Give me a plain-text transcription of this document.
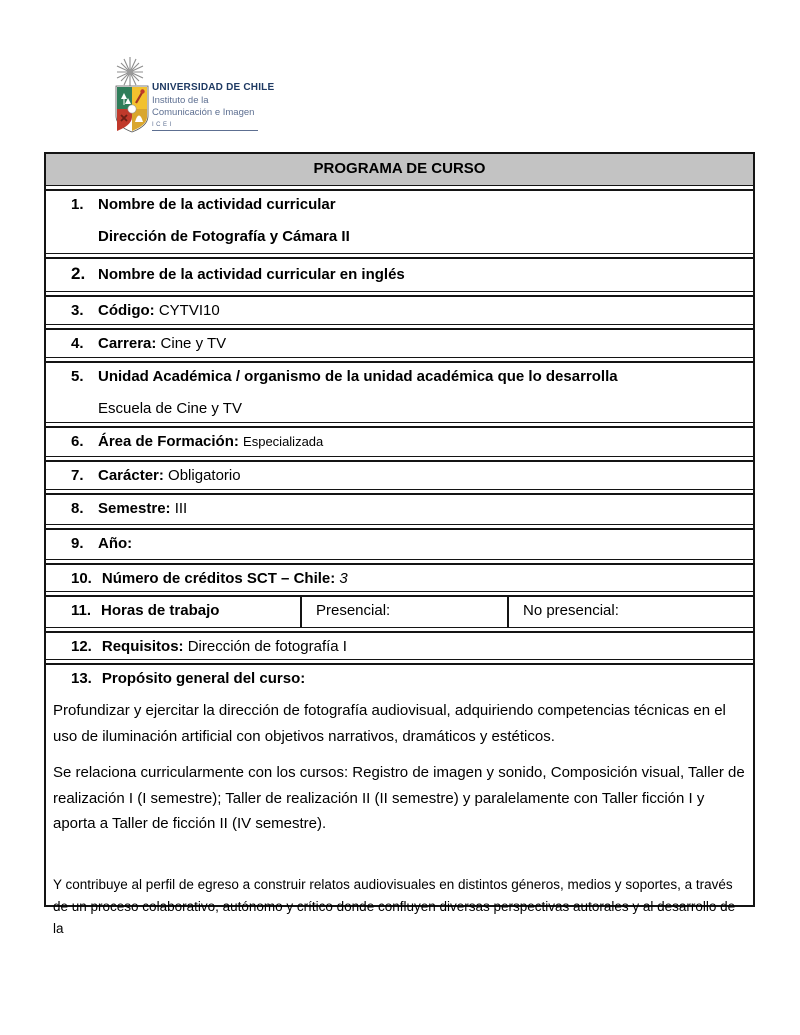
UNIVERSIDAD DE CHILE
Instituto de la
Comunicación e Imagen
ICEI
PROGRAMA DE CURSO
1. Nombre de la actividad curricular
Dirección de Fotografía y Cámara II
2. Nombre de la actividad curricular en inglés
3. Código: CYTVI10
4. Carrera: Cine y TV
5. Unidad Académica / organismo de la unidad académica que lo desarrolla
Escuela de Cine y TV
6. Área de Formación: Especializada
7. Carácter: Obligatorio
8. Semestre: III
9. Año:
10. Número de créditos SCT – Chile: 3
11. Horas de trabajo	Presencial:	No presencial:
12. Requisitos: Dirección de fotografía I
13. Propósito general del curso:

Profundizar y ejercitar la dirección de fotografía audiovisual, adquiriendo competencias técnicas en el uso de iluminación artificial con objetivos narrativos, dramáticos y estéticos.

Se relaciona curricularmente con los cursos: Registro de imagen y sonido, Composición visual, Taller de realización I (I semestre); Taller de realización II (II semestre) y paralelamente con Taller ficción I y aporta a Taller de ficción II (IV semestre).

Y contribuye al perfil de egreso a construir relatos audiovisuales en distintos géneros, medios y soportes, a través de un proceso colaborativo, autónomo y crítico donde confluyen diversas perspectivas autorales y al desarrollo de la
